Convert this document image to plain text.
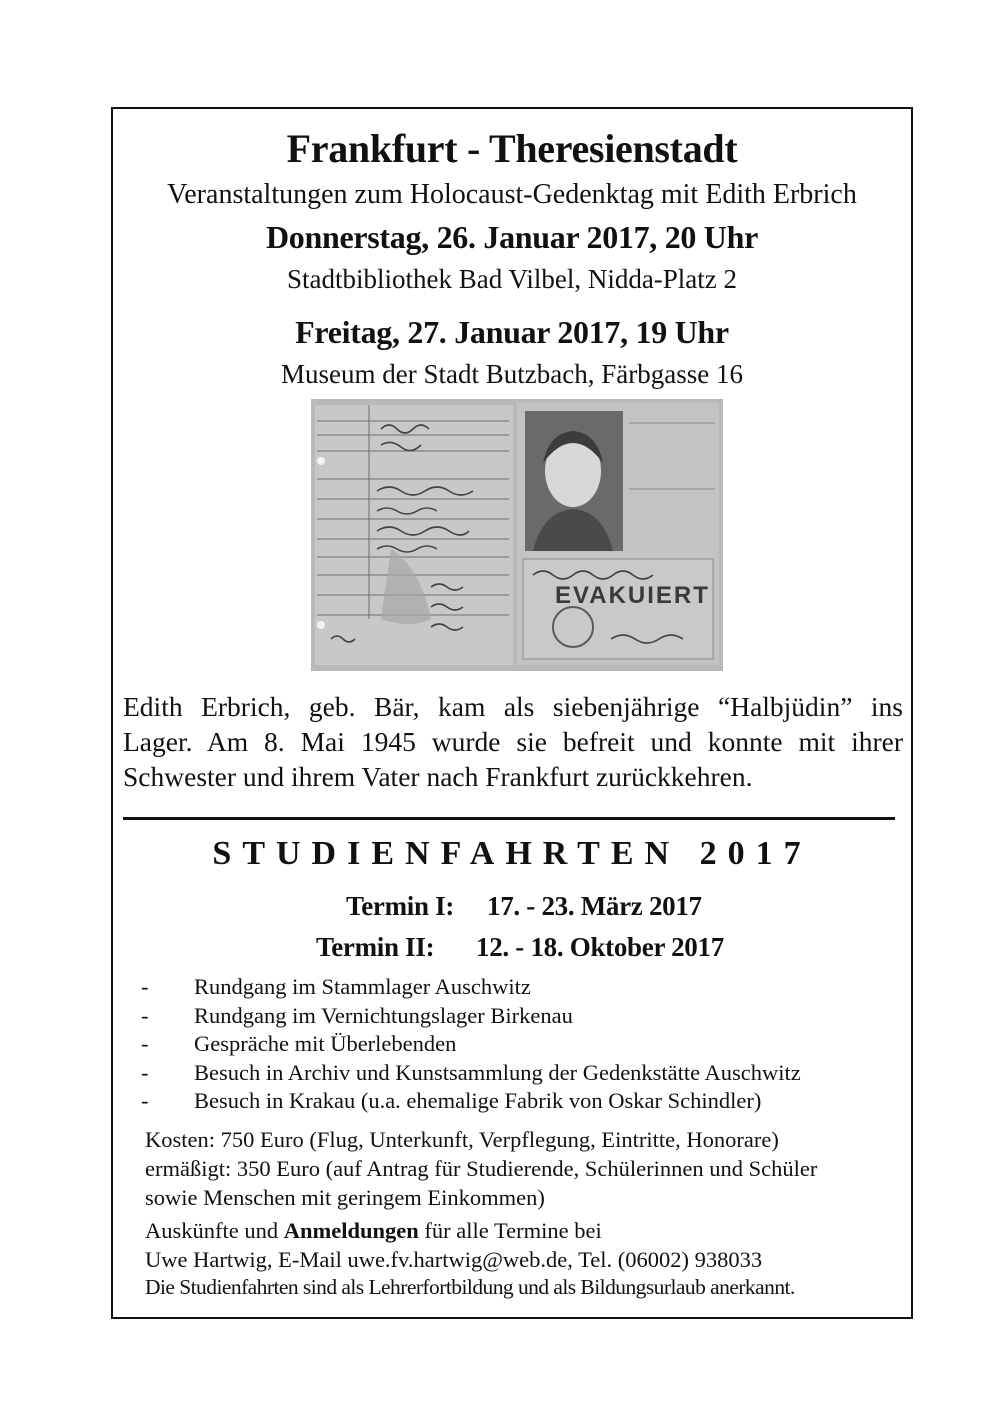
Frankfurt - Theresienstadt
Veranstaltungen zum Holocaust-Gedenktag mit Edith Erbrich
Donnerstag, 26. Januar 2017, 20 Uhr
Stadtbibliothek Bad Vilbel, Nidda-Platz 2
Freitag, 27. Januar 2017, 19 Uhr
Museum der Stadt Butzbach, Färbgasse 16
EVAKUIERT
Edith Erbrich, geb. Bär, kam als siebenjährige “Halbjüdin” ins
Lager. Am 8. Mai 1945 wurde sie befreit und konnte mit ihrer
Schwester und ihrem Vater nach Frankfurt zurückkehren.
STUDIENFAHRTEN 2017
Termin I: 17. - 23. März 2017
Termin II: 12. - 18. Oktober 2017
-	Rundgang im Stammlager Auschwitz
-	Rundgang im Vernichtungslager Birkenau
-	Gespräche mit Überlebenden
-	Besuch in Archiv und Kunstsammlung der Gedenkstätte Auschwitz
-	Besuch in Krakau (u.a. ehemalige Fabrik von Oskar Schindler)
Kosten: 750 Euro (Flug, Unterkunft, Verpflegung, Eintritte, Honorare)
ermäßigt: 350 Euro (auf Antrag für Studierende, Schülerinnen und Schüler
sowie Menschen mit geringem Einkommen)
Auskünfte und Anmeldungen für alle Termine bei
Uwe Hartwig, E-Mail uwe.fv.hartwig@web.de, Tel. (06002) 938033
Die Studienfahrten sind als Lehrerfortbildung und als Bildungsurlaub anerkannt.
